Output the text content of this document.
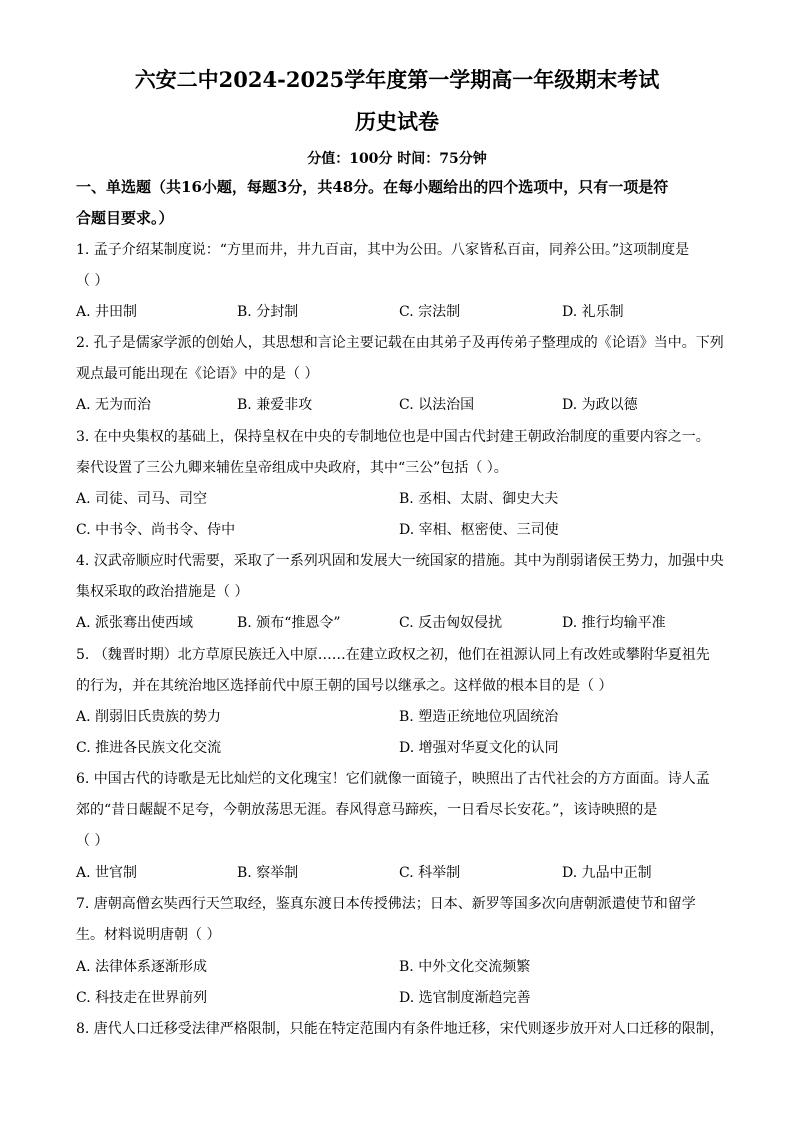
六安二中2024-2025学年度第一学期高一年级期末考试
历史试卷
分值：100分 时间：75分钟
一、单选题（共16小题，每题3分，共48分。在每小题给出的四个选项中，只有一项是符
合题目要求。）
1. 孟子介绍某制度说：“方里而井，井九百亩，其中为公田。八家皆私百亩，同养公田。”这项制度是
（ ）
A. 井田制	B. 分封制	C. 宗法制	D. 礼乐制
2. 孔子是儒家学派的创始人，其思想和言论主要记载在由其弟子及再传弟子整理成的《论语》当中。下列
观点最可能出现在《论语》中的是（ ）
A. 无为而治	B. 兼爱非攻	C. 以法治国	D. 为政以德
3. 在中央集权的基础上，保持皇权在中央的专制地位也是中国古代封建王朝政治制度的重要内容之一。
秦代设置了三公九卿来辅佐皇帝组成中央政府，其中“三公”包括（ ）。
A. 司徒、司马、司空	B. 丞相、太尉、御史大夫
C. 中书令、尚书令、侍中	D. 宰相、枢密使、三司使
4. 汉武帝顺应时代需要，采取了一系列巩固和发展大一统国家的措施。其中为削弱诸侯王势力，加强中央
集权采取的政治措施是（ ）
A. 派张骞出使西域	B. 颁布“推恩令”	C. 反击匈奴侵扰	D. 推行均输平准
5. （魏晋时期）北方草原民族迁入中原……在建立政权之初，他们在祖源认同上有改姓或攀附华夏祖先
的行为，并在其统治地区选择前代中原王朝的国号以继承之。这样做的根本目的是（ ）
A. 削弱旧氏贵族的势力	B. 塑造正统地位巩固统治
C. 推进各民族文化交流	D. 增强对华夏文化的认同
6. 中国古代的诗歌是无比灿烂的文化瑰宝！它们就像一面镜子，映照出了古代社会的方方面面。诗人孟
郊的“昔日龌龊不足夸，今朝放荡思无涯。春风得意马蹄疾，一日看尽长安花。”，该诗映照的是
（ ）
A. 世官制	B. 察举制	C. 科举制	D. 九品中正制
7. 唐朝高僧玄奘西行天竺取经，鉴真东渡日本传授佛法；日本、新罗等国多次向唐朝派遣使节和留学
生。材料说明唐朝（ ）
A. 法律体系逐渐形成	B. 中外文化交流频繁
C. 科技走在世界前列	D. 选官制度渐趋完善
8. 唐代人口迁移受法律严格限制，只能在特定范围内有条件地迁移，宋代则逐步放开对人口迁移的限制，
